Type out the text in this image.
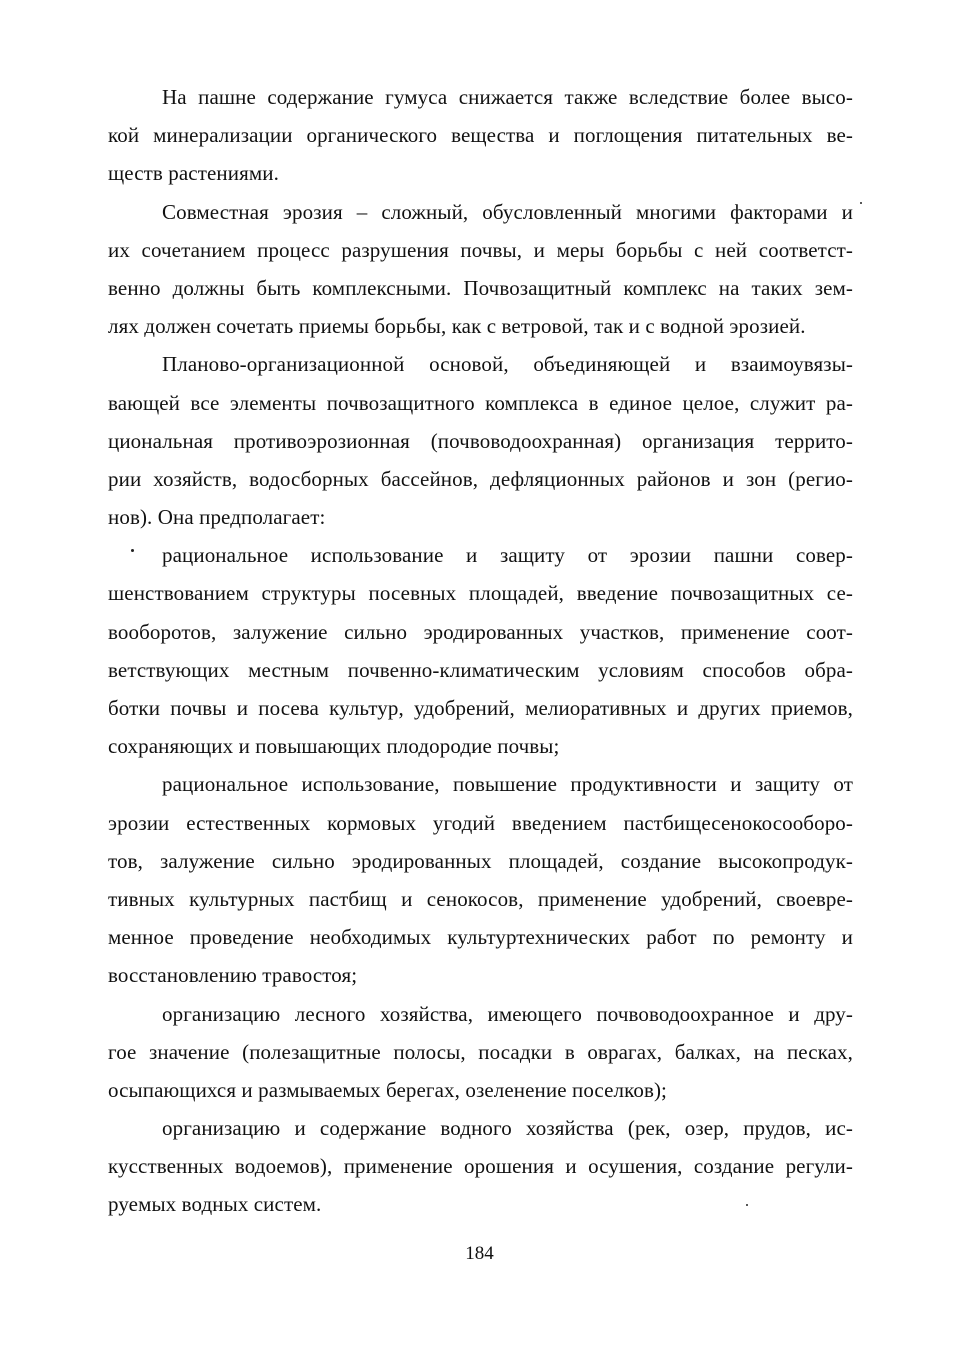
На пашне содержание гумуса снижается также вследствие более высо-
кой минерализации органического вещества и поглощения питательных ве-
ществ растениями.
Совместная эрозия – сложный, обусловленный многими факторами и
их сочетанием процесс разрушения почвы, и меры борьбы с ней соответст-
венно должны быть комплексными. Почвозащитный комплекс на таких зем-
лях должен сочетать приемы борьбы, как с ветровой, так и с водной эрозией.
Планово-организационной основой, объединяющей и взаимоувязы-
вающей все элементы почвозащитного комплекса в единое целое, служит ра-
циональная противоэрозионная (почвоводоохранная) организация террито-
рии хозяйств, водосборных бассейнов, дефляционных районов и зон (регио-
нов). Она предполагает:
рациональное использование и защиту от эрозии пашни совер-
шенствованием структуры посевных площадей, введение почвозащитных се-
вооборотов, залужение сильно эродированных участков, применение соот-
ветствующих местным почвенно-климатическим условиям способов обра-
ботки почвы и посева культур, удобрений, мелиоративных и других приемов,
сохраняющих и повышающих плодородие почвы;
рациональное использование, повышение продуктивности и защиту от
эрозии естественных кормовых угодий введением пастбищесенокосооборо-
тов, залужение сильно эродированных площадей, создание высокопродук-
тивных культурных пастбищ и сенокосов, применение удобрений, своевре-
менное проведение необходимых культуртехнических работ по ремонту и
восстановлению травостоя;
организацию лесного хозяйства, имеющего почвоводоохранное и дру-
гое значение (полезащитные полосы, посадки в оврагах, балках, на песках,
осыпающихся и размываемых берегах, озеленение поселков);
организацию и содержание водного хозяйства (рек, озер, прудов, ис-
кусственных водоемов), применение орошения и осушения, создание регули-
руемых водных систем.
184
